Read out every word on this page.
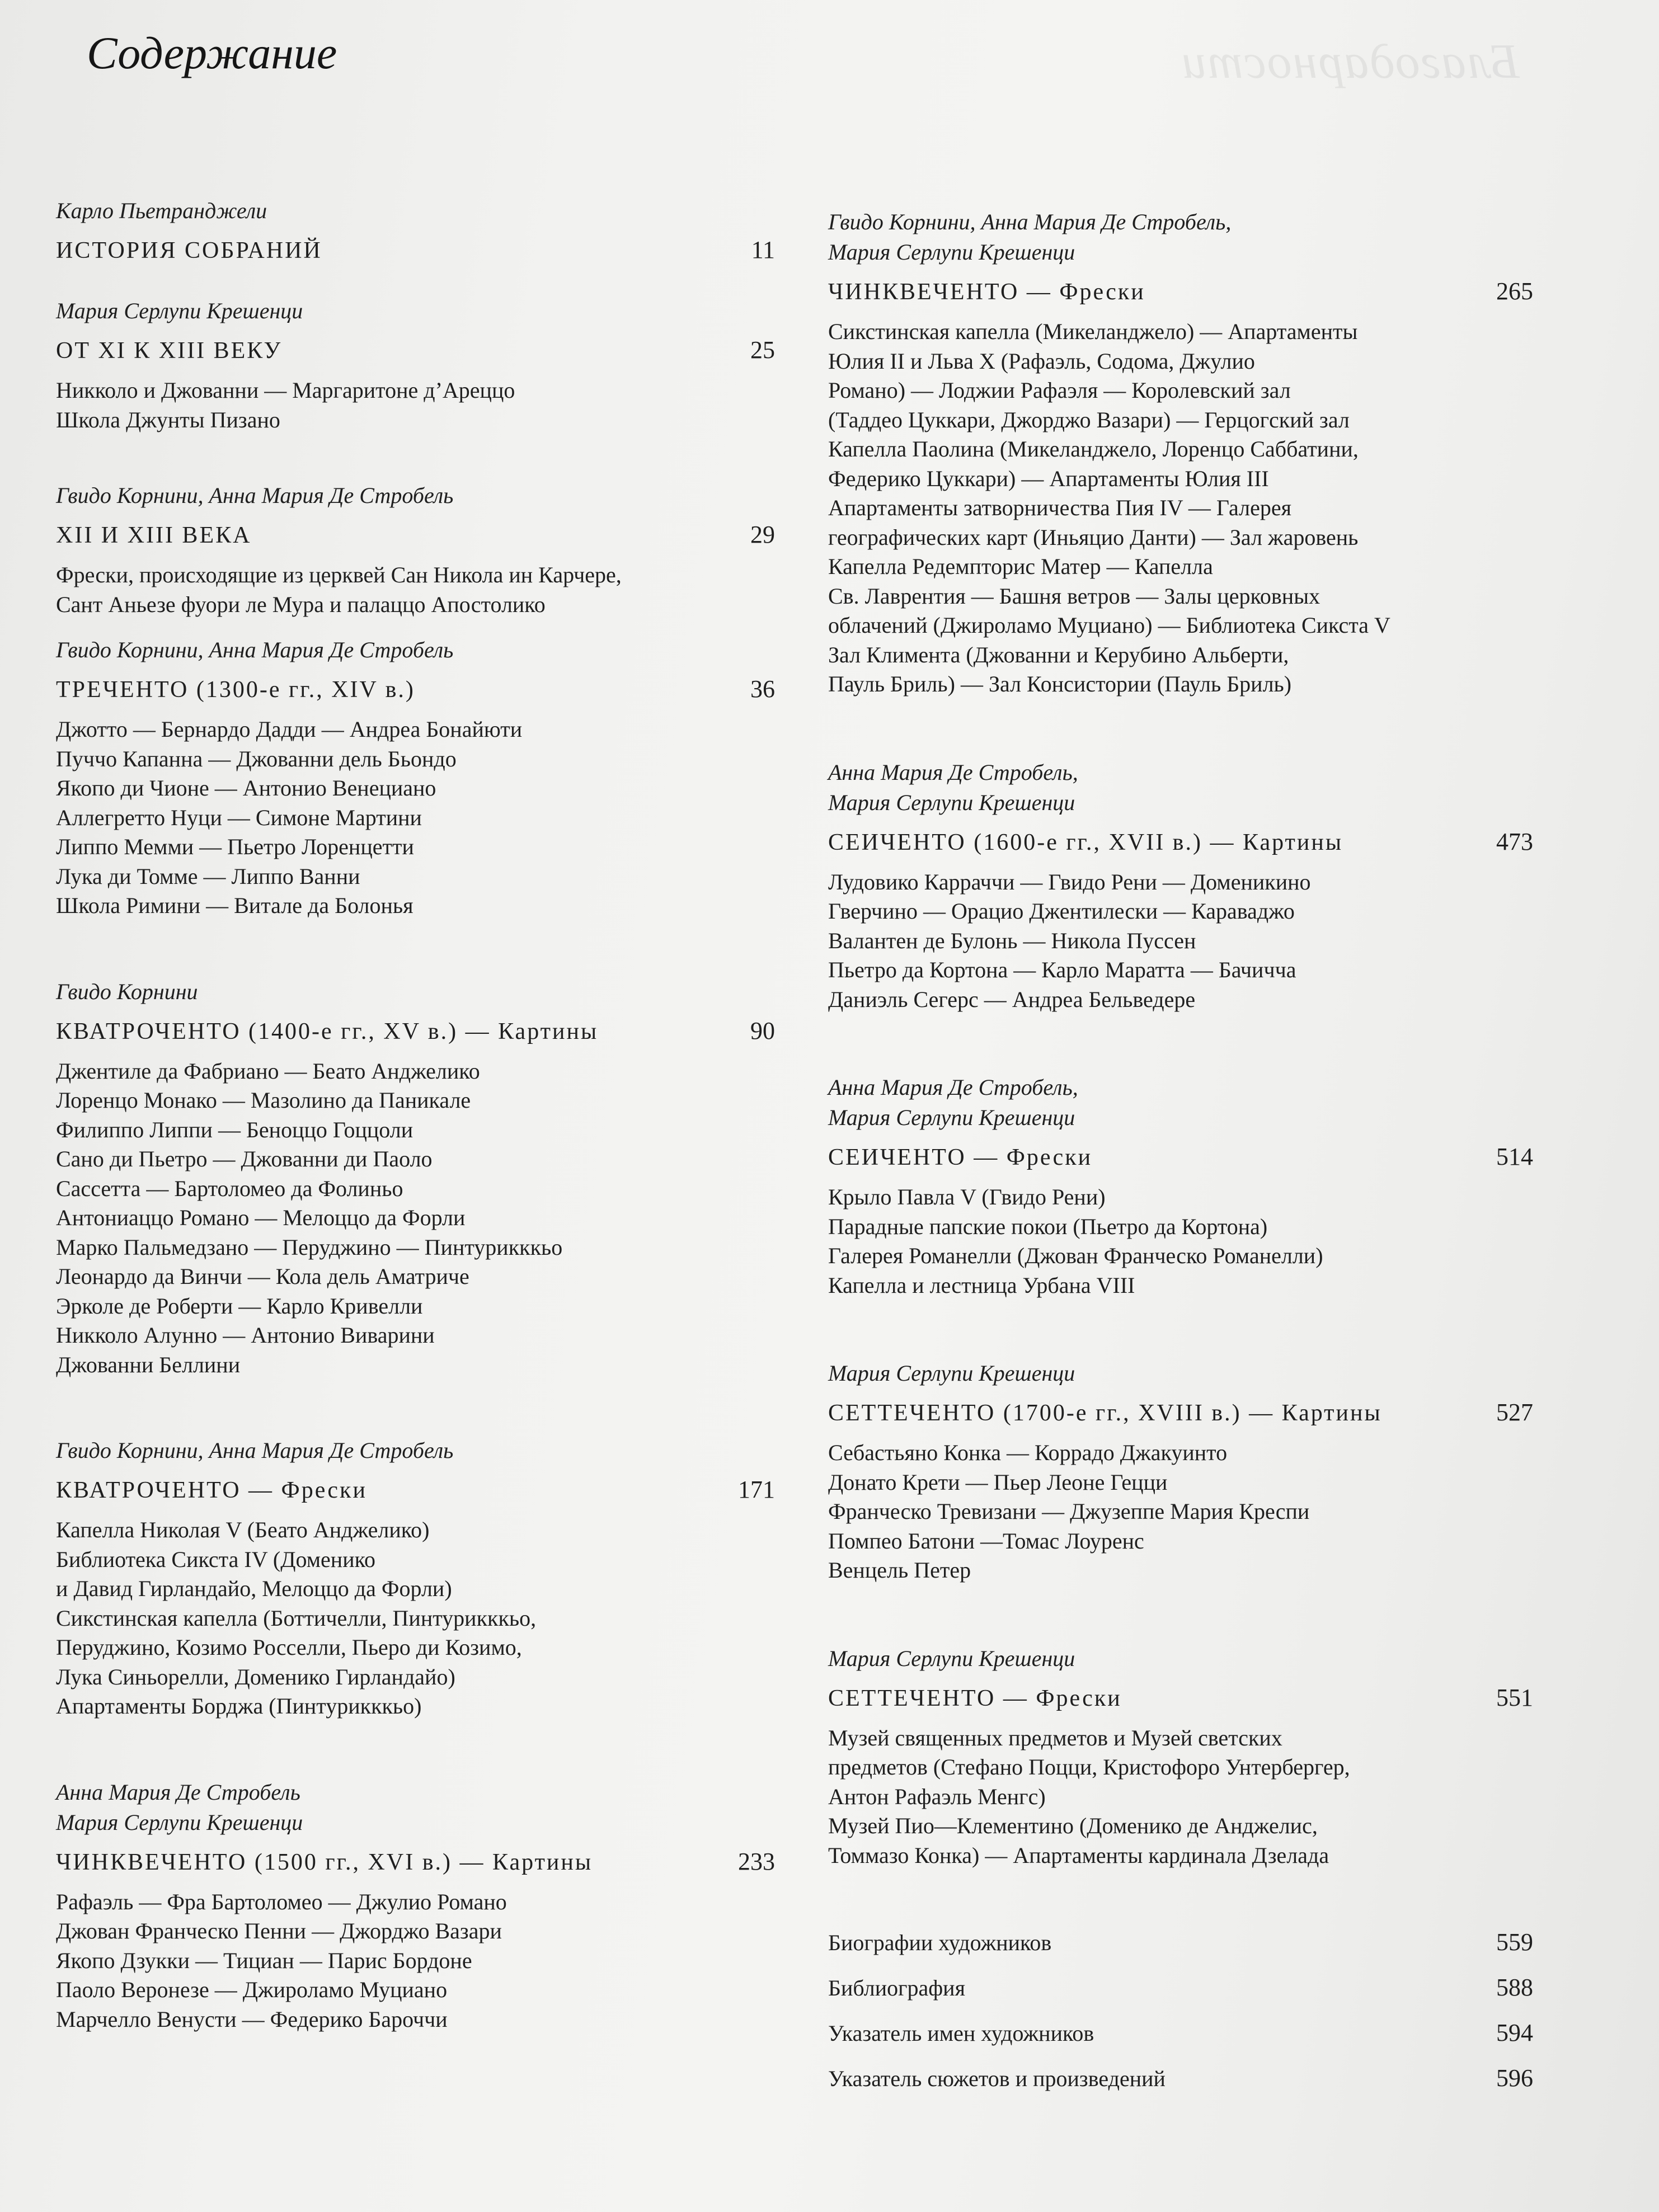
Благодарности
Содержание
Карло Пьетранджели
ИСТОРИЯ СОБРАНИЙ	11
Мария Серлупи Крешенци
ОТ XI К XIII ВЕКУ	25
Никколо и Джованни — Маргаритоне д’Ареццо
Школа Джунты Пизано
Гвидо Корнини, Анна Мария Де Стробель
XII И XIII ВЕКА	29
Фрески, происходящие из церквей Сан Никола ин Карчере,
Сант Аньезе фуори ле Мура и палаццо Апостолико
Гвидо Корнини, Анна Мария Де Стробель
ТРЕЧЕНТО (1300-е гг., XIV в.)	36
Джотто — Бернардо Дадди — Андреа Бонайюти
Пуччо Капанна — Джованни дель Бьондо
Якопо ди Чионе — Антонио Венециано
Аллегретто Нуци — Симоне Мартини
Липпо Мемми — Пьетро Лоренцетти
Лука ди Томме — Липпо Ванни
Школа Римини — Витале да Болонья
Гвидо Корнини
КВАТРОЧЕНТО (1400-е гг., XV в.) — Картины	90
Джентиле да Фабриано — Беато Анджелико
Лоренцо Монако — Мазолино да Паникале
Филиппо Липпи — Беноццо Гоццоли
Сано ди Пьетро — Джованни ди Паоло
Сассетта — Бартоломео да Фолиньо
Антониаццо Романо — Мелоццо да Форли
Марко Пальмедзано — Перуджино — Пинтурикккьо
Леонардо да Винчи — Кола дель Аматриче
Эрколе де Роберти — Карло Кривелли
Никколо Алунно — Антонио Виварини
Джованни Беллини
Гвидо Корнини, Анна Мария Де Стробель
КВАТРОЧЕНТО — Фрески	171
Капелла Николая V (Беато Анджелико)
Библиотека Сикста IV (Доменико
и Давид Гирландайо, Мелоццо да Форли)
Сикстинская капелла (Боттичелли, Пинтурикккьо,
Перуджино, Козимо Росселли, Пьеро ди Козимо,
Лука Синьорелли, Доменико Гирландайо)
Апартаменты Борджа (Пинтурикккьо)
Анна Мария Де Стробель
Мария Серлупи Крешенци
ЧИНКВЕЧЕНТО (1500 гг., XVI в.) — Картины	233
Рафаэль — Фра Бартоломео — Джулио Романо
Джован Франческо Пенни — Джорджо Вазари
Якопо Дзукки — Тициан — Парис Бордоне
Паоло Веронезе — Джироламо Муциано
Марчелло Венусти — Федерико Бароччи
Гвидо Корнини, Анна Мария Де Стробель,
Мария Серлупи Крешенци
ЧИНКВЕЧЕНТО — Фрески	265
Сикстинская капелла (Микеланджело) — Апартаменты
Юлия II и Льва X (Рафаэль, Содома, Джулио
Романо) — Лоджии Рафаэля — Королевский зал
(Таддео Цуккари, Джорджо Вазари) — Герцогский зал
Капелла Паолина (Микеланджело, Лоренцо Саббатини,
Федерико Цуккари) — Апартаменты Юлия III
Апартаменты затворничества Пия IV — Галерея
географических карт (Иньяцио Данти) — Зал жаровень
Капелла Редемпторис Матер — Капелла
Св. Лаврентия — Башня ветров — Залы церковных
облачений (Джироламо Муциано) — Библиотека Сикста V
Зал Климента (Джованни и Керубино Альберти,
Пауль Бриль) — Зал Консистории (Пауль Бриль)
Анна Мария Де Стробель,
Мария Серлупи Крешенци
СЕИЧЕНТО (1600-е гг., XVII в.) — Картины	473
Лудовико Карраччи — Гвидо Рени — Доменикино
Гверчино — Орацио Джентилески — Караваджо
Валантен де Булонь — Никола Пуссен
Пьетро да Кортона — Карло Маратта — Бачичча
Даниэль Сегерс — Андреа Бельведере
Анна Мария Де Стробель,
Мария Серлупи Крешенци
СЕИЧЕНТО — Фрески	514
Крыло Павла V (Гвидо Рени)
Парадные папские покои (Пьетро да Кортона)
Галерея Романелли (Джован Франческо Романелли)
Капелла и лестница Урбана VIII
Мария Серлупи Крешенци
СЕТТЕЧЕНТО (1700-е гг., XVIII в.) — Картины	527
Себастьяно Конка — Коррадо Джакуинто
Донато Крети — Пьер Леоне Гецци
Франческо Тревизани — Джузеппе Мария Креспи
Помпео Батони —Томас Лоуренс
Венцель Петер
Мария Серлупи Крешенци
СЕТТЕЧЕНТО — Фрески	551
Музей священных предметов и Музей светских
предметов (Стефано Поцци, Кристофоро Унтербергер,
Антон Рафаэль Менгс)
Музей Пио—Клементино (Доменико де Анджелис,
Томмазо Конка) — Апартаменты кардинала Дзелада
Биографии художников	559
Библиография	588
Указатель имен художников	594
Указатель сюжетов и произведений	596
